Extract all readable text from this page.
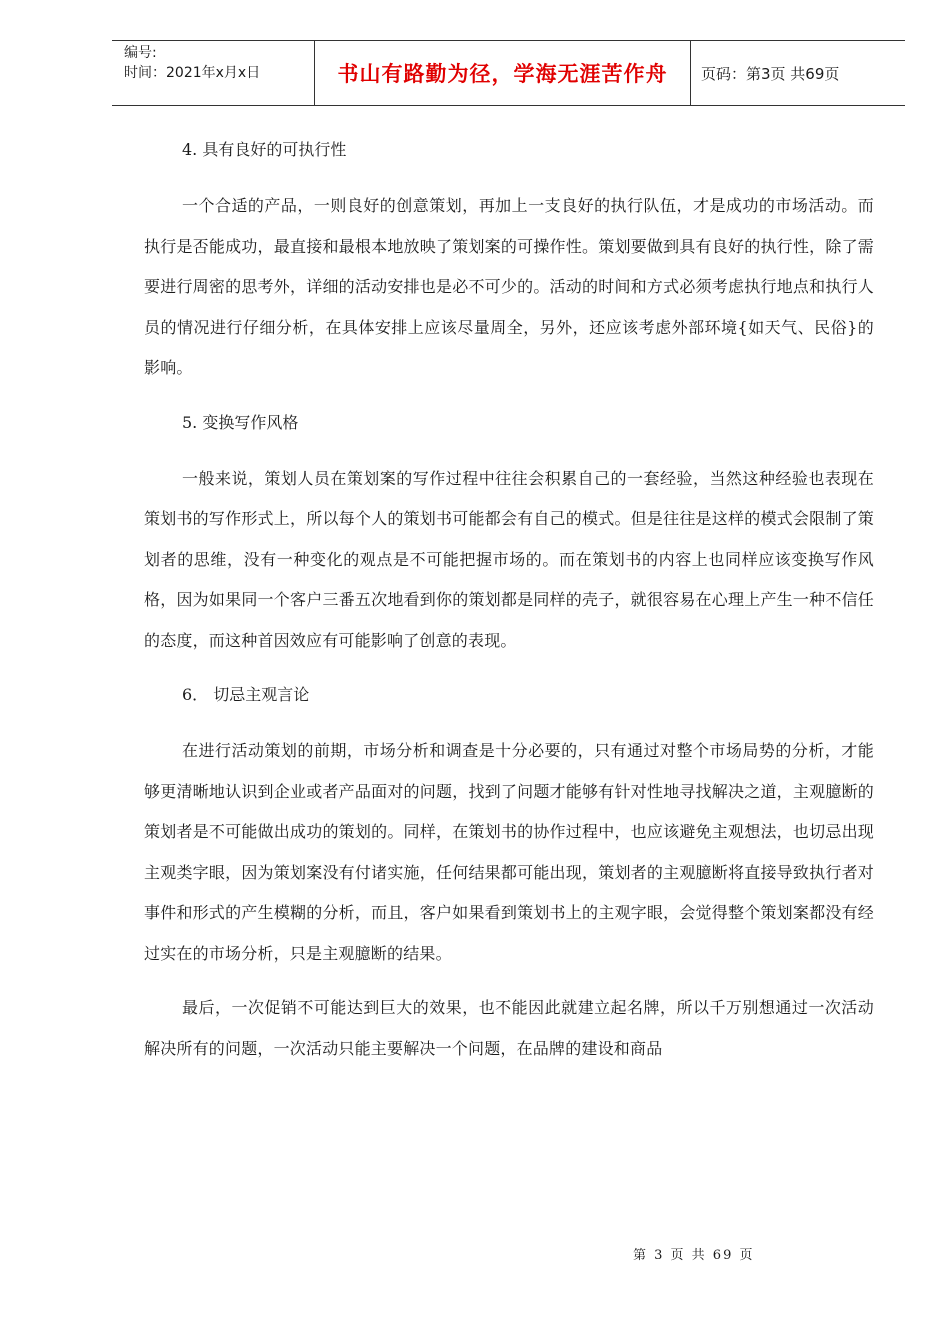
编号:
时间：2021年x月x日	书山有路勤为径，学海无涯苦作舟	页码：第3页 共69页
4. 具有良好的可执行性

一个合适的产品，一则良好的创意策划，再加上一支良好的执行队伍，才是成功的市场活动。而执行是否能成功，最直接和最根本地放映了策划案的可操作性。策划要做到具有良好的执行性，除了需要进行周密的思考外，详细的活动安排也是必不可少的。活动的时间和方式必须考虑执行地点和执行人员的情况进行仔细分析，在具体安排上应该尽量周全，另外，还应该考虑外部环境{如天气、民俗}的影响。

5. 变换写作风格

一般来说，策划人员在策划案的写作过程中往往会积累自己的一套经验，当然这种经验也表现在策划书的写作形式上，所以每个人的策划书可能都会有自己的模式。但是往往是这样的模式会限制了策划者的思维，没有一种变化的观点是不可能把握市场的。而在策划书的内容上也同样应该变换写作风格，因为如果同一个客户三番五次地看到你的策划都是同样的壳子，就很容易在心理上产生一种不信任的态度，而这种首因效应有可能影响了创意的表现。

6． 切忌主观言论

在进行活动策划的前期，市场分析和调查是十分必要的，只有通过对整个市场局势的分析，才能够更清晰地认识到企业或者产品面对的问题，找到了问题才能够有针对性地寻找解决之道，主观臆断的策划者是不可能做出成功的策划的。同样，在策划书的协作过程中，也应该避免主观想法，也切忌出现主观类字眼，因为策划案没有付诸实施，任何结果都可能出现，策划者的主观臆断将直接导致执行者对事件和形式的产生模糊的分析，而且，客户如果看到策划书上的主观字眼，会觉得整个策划案都没有经过实在的市场分析，只是主观臆断的结果。

最后，一次促销不可能达到巨大的效果，也不能因此就建立起名牌，所以千万别想通过一次活动解决所有的问题，一次活动只能主要解决一个问题，在品牌的建设和商品

第 3 页 共 69 页
